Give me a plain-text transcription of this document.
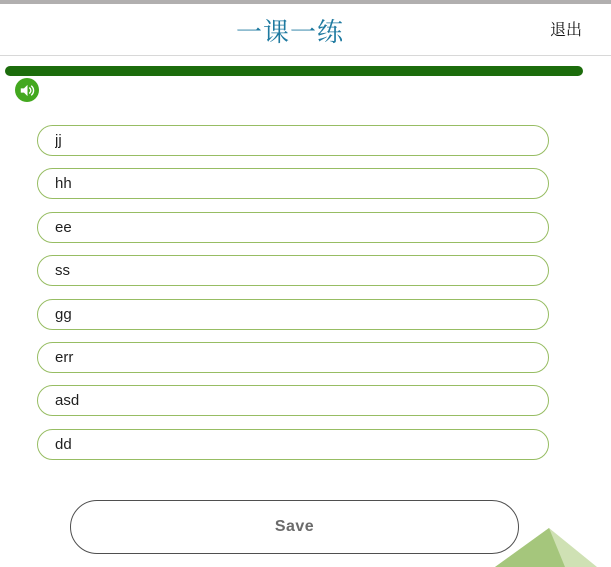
一课一练	退出
jj
hh
ee
ss
gg
err
asd
dd
Save
